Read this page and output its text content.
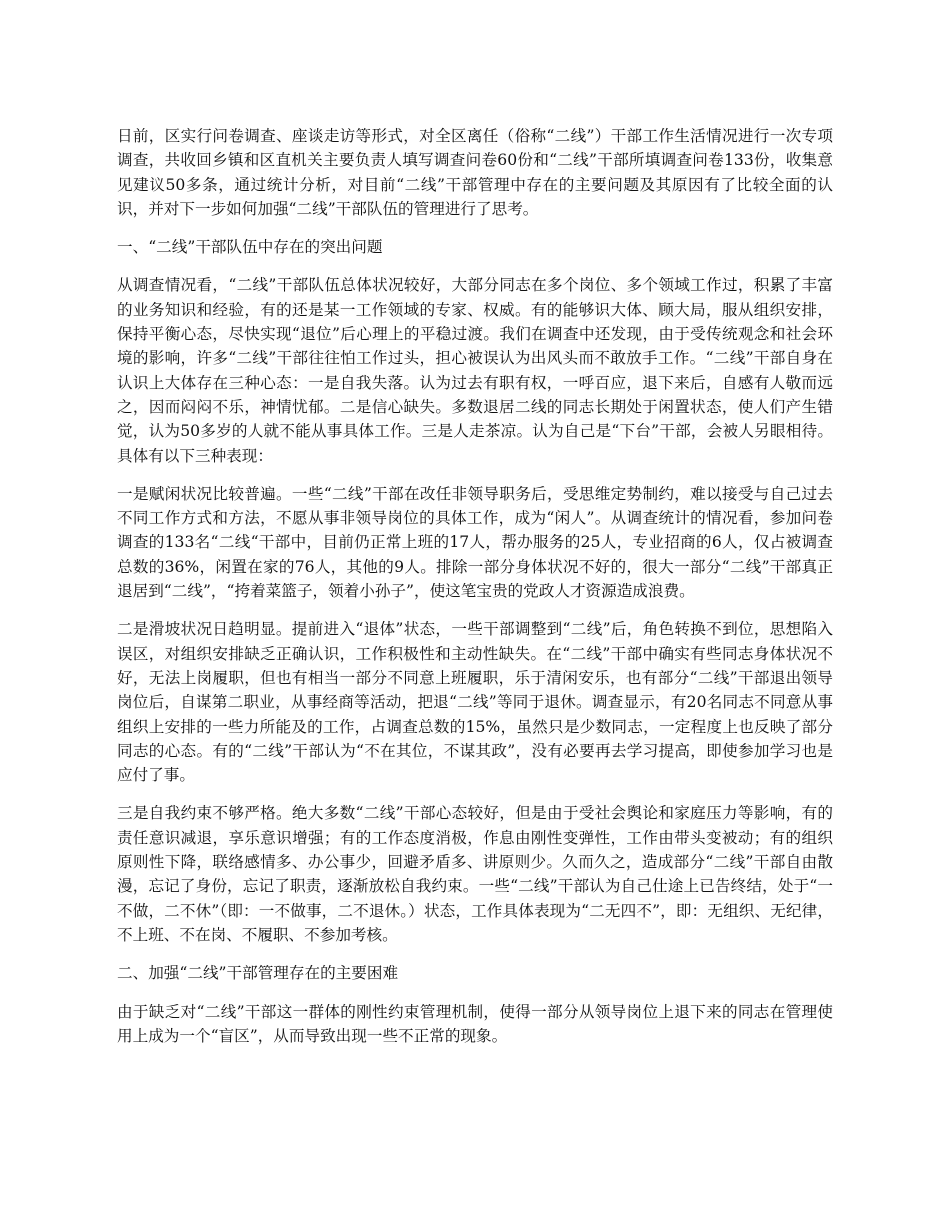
日前，区实行问卷调查、座谈走访等形式，对全区离任（俗称“二线”）干部工作生活情况进行一次专项调查，共收回乡镇和区直机关主要负责人填写调查问卷60份和“二线”干部所填调查问卷133份，收集意见建议50多条，通过统计分析，对目前“二线”干部管理中存在的主要问题及其原因有了比较全面的认识，并对下一步如何加强“二线”干部队伍的管理进行了思考。

一、“二线”干部队伍中存在的突出问题

从调查情况看，“二线”干部队伍总体状况较好，大部分同志在多个岗位、多个领域工作过，积累了丰富的业务知识和经验，有的还是某一工作领域的专家、权威。有的能够识大体、顾大局，服从组织安排，保持平衡心态，尽快实现“退位”后心理上的平稳过渡。我们在调查中还发现，由于受传统观念和社会环境的影响，许多“二线”干部往往怕工作过头，担心被误认为出风头而不敢放手工作。“二线”干部自身在认识上大体存在三种心态：一是自我失落。认为过去有职有权，一呼百应，退下来后，自感有人敬而远之，因而闷闷不乐，神情忧郁。二是信心缺失。多数退居二线的同志长期处于闲置状态，使人们产生错觉，认为50多岁的人就不能从事具体工作。三是人走茶凉。认为自己是“下台”干部，会被人另眼相待。具体有以下三种表现：

一是赋闲状况比较普遍。一些“二线”干部在改任非领导职务后，受思维定势制约，难以接受与自己过去不同工作方式和方法，不愿从事非领导岗位的具体工作，成为“闲人”。从调查统计的情况看，参加问卷调查的133名“二线“干部中，目前仍正常上班的17人，帮办服务的25人，专业招商的6人，仅占被调查总数的36%，闲置在家的76人，其他的9人。排除一部分身体状况不好的，很大一部分“二线”干部真正退居到“二线”，“挎着菜篮子，领着小孙子”，使这笔宝贵的党政人才资源造成浪费。

二是滑坡状况日趋明显。提前进入“退体”状态，一些干部调整到“二线”后，角色转换不到位，思想陷入误区，对组织安排缺乏正确认识，工作积极性和主动性缺失。在“二线”干部中确实有些同志身体状况不好，无法上岗履职，但也有相当一部分不同意上班履职，乐于清闲安乐，也有部分“二线”干部退出领导岗位后，自谋第二职业，从事经商等活动，把退“二线”等同于退休。调查显示，有20名同志不同意从事组织上安排的一些力所能及的工作，占调查总数的15%，虽然只是少数同志，一定程度上也反映了部分同志的心态。有的“二线”干部认为“不在其位，不谋其政”，没有必要再去学习提高，即使参加学习也是应付了事。

三是自我约束不够严格。绝大多数“二线”干部心态较好，但是由于受社会舆论和家庭压力等影响，有的责任意识减退，享乐意识增强；有的工作态度消极，作息由刚性变弹性，工作由带头变被动；有的组织原则性下降，联络感情多、办公事少，回避矛盾多、讲原则少。久而久之，造成部分“二线”干部自由散漫，忘记了身份，忘记了职责，逐渐放松自我约束。一些“二线”干部认为自己仕途上已告终结，处于“一不做，二不休”（即：一不做事，二不退休。）状态，工作具体表现为“二无四不”，即：无组织、无纪律，不上班、不在岗、不履职、不参加考核。

二、加强“二线”干部管理存在的主要困难

由于缺乏对“二线”干部这一群体的刚性约束管理机制，使得一部分从领导岗位上退下来的同志在管理使用上成为一个“盲区”，从而导致出现一些不正常的现象。
